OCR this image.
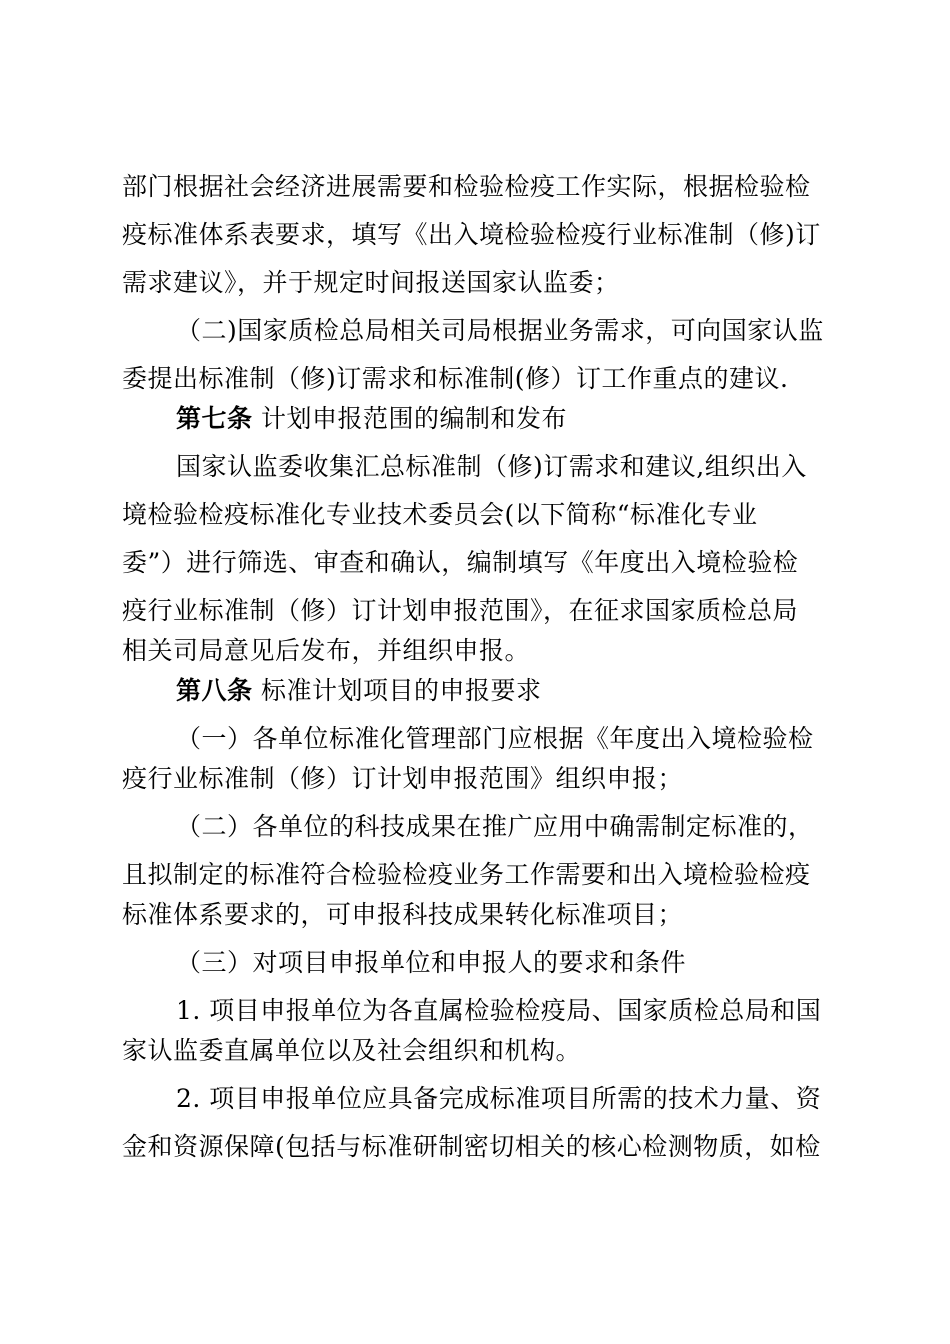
部门根据社会经济进展需要和检验检疫工作实际，根据检验检
疫标准体系表要求，填写《出入境检验检疫行业标准制（修)订
需求建议》，并于规定时间报送国家认监委；
（二)国家质检总局相关司局根据业务需求，可向国家认监
委提出标准制（修)订需求和标准制(修）订工作重点的建议.
第七条 计划申报范围的编制和发布
国家认监委收集汇总标准制（修)订需求和建议,组织出入
境检验检疫标准化专业技术委员会(以下简称“标准化专业
委”）进行筛选、审查和确认，编制填写《年度出入境检验检
疫行业标准制（修）订计划申报范围》，在征求国家质检总局
相关司局意见后发布，并组织申报。
第八条 标准计划项目的申报要求
（一）各单位标准化管理部门应根据《年度出入境检验检
疫行业标准制（修）订计划申报范围》组织申报；
（二）各单位的科技成果在推广应用中确需制定标准的，
且拟制定的标准符合检验检疫业务工作需要和出入境检验检疫
标准体系要求的，可申报科技成果转化标准项目；
（三）对项目申报单位和申报人的要求和条件
1. 项目申报单位为各直属检验检疫局、国家质检总局和国
家认监委直属单位以及社会组织和机构。
2. 项目申报单位应具备完成标准项目所需的技术力量、资
金和资源保障(包括与标准研制密切相关的核心检测物质，如检
